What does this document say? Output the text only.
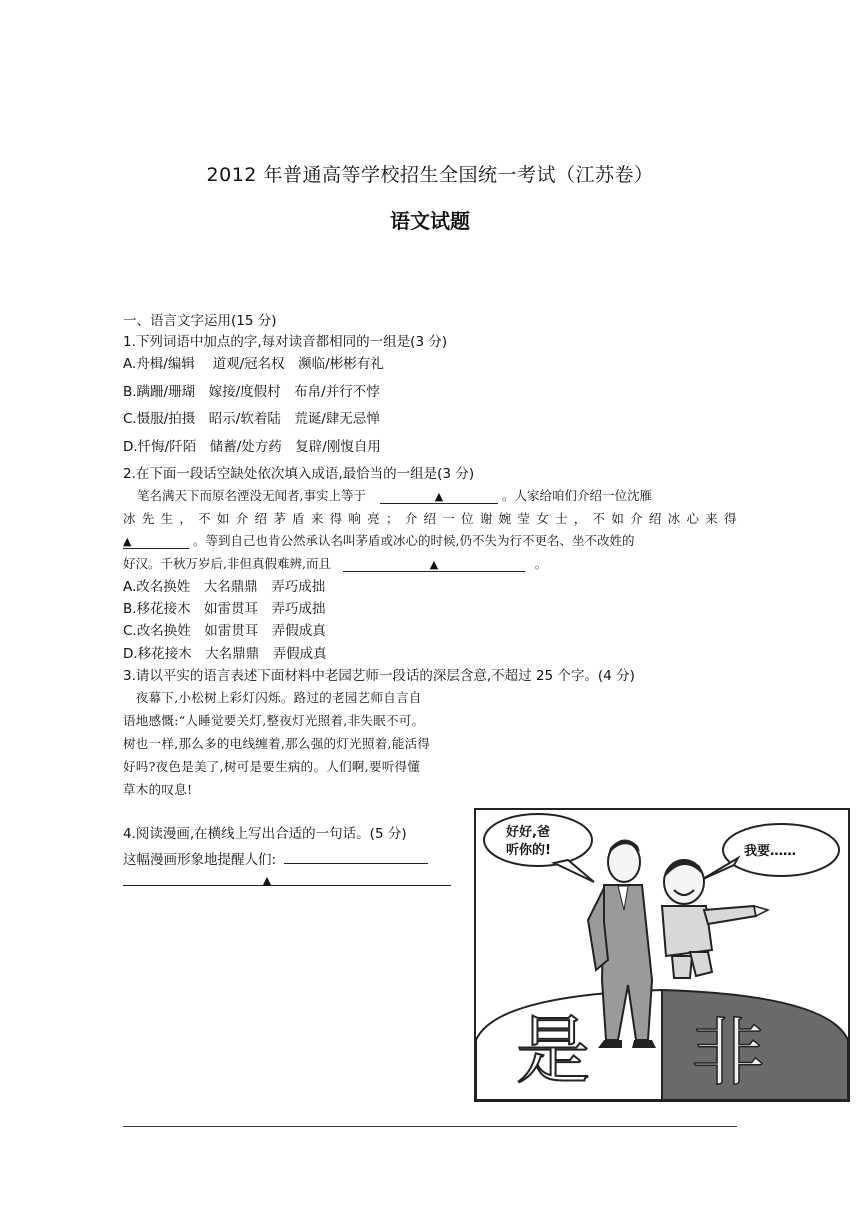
2012 年普通高等学校招生全国统一考试（江苏卷）
语文试题
一、语言文字运用(15 分)
1.下列词语中加点的字,每对读音都相同的一组是(3 分)
A.舟楫/编辑　 道观/冠名权　濒临/彬彬有礼
B.蹒跚/珊瑚　嫁接/度假村　布帛/并行不悖
C.慑服/拍摄　昭示/软着陆　荒诞/肆无忌惮
D.忏悔/阡陌　储蓄/处方药　复辟/刚愎自用
2.在下面一段话空缺处依次填入成语,最恰当的一组是(3 分)
笔名满天下而原名湮没无闻者,事实上等于	▲	。人家给咱们介绍一位沈雁
冰 先 生 ， 不 如 介 绍 茅 盾 来 得 响 亮 ； 介 绍 一 位 谢 婉 莹 女 士 ， 不 如 介 绍 冰 心 来 得
▲	。等到自己也肯公然承认名叫茅盾或冰心的时候,仍不失为行不更名、坐不改姓的
好汉。千秋万岁后,非但真假难辨,而且	▲	。
A.改名换姓　大名鼎鼎　弄巧成拙
B.移花接木　如雷贯耳　弄巧成拙
C.改名换姓　如雷贯耳　弄假成真
D.移花接木　大名鼎鼎　弄假成真
3.请以平实的语言表述下面材料中老园艺师一段话的深层含意,不超过 25 个字。(4 分)
　夜幕下,小松树上彩灯闪烁。路过的老园艺师自言自
语地感慨:“人睡觉要关灯,整夜灯光照着,非失眠不可。
树也一样,那么多的电线缠着,那么强的灯光照着,能活得
好吗?夜色是美了,树可是要生病的。人们啊,要听得懂
草木的叹息!
4.阅读漫画,在横线上写出合适的一句话。(5 分)
这幅漫画形象地提醒人们:
▲
是 非
好好,爸
听你的!	我要……
